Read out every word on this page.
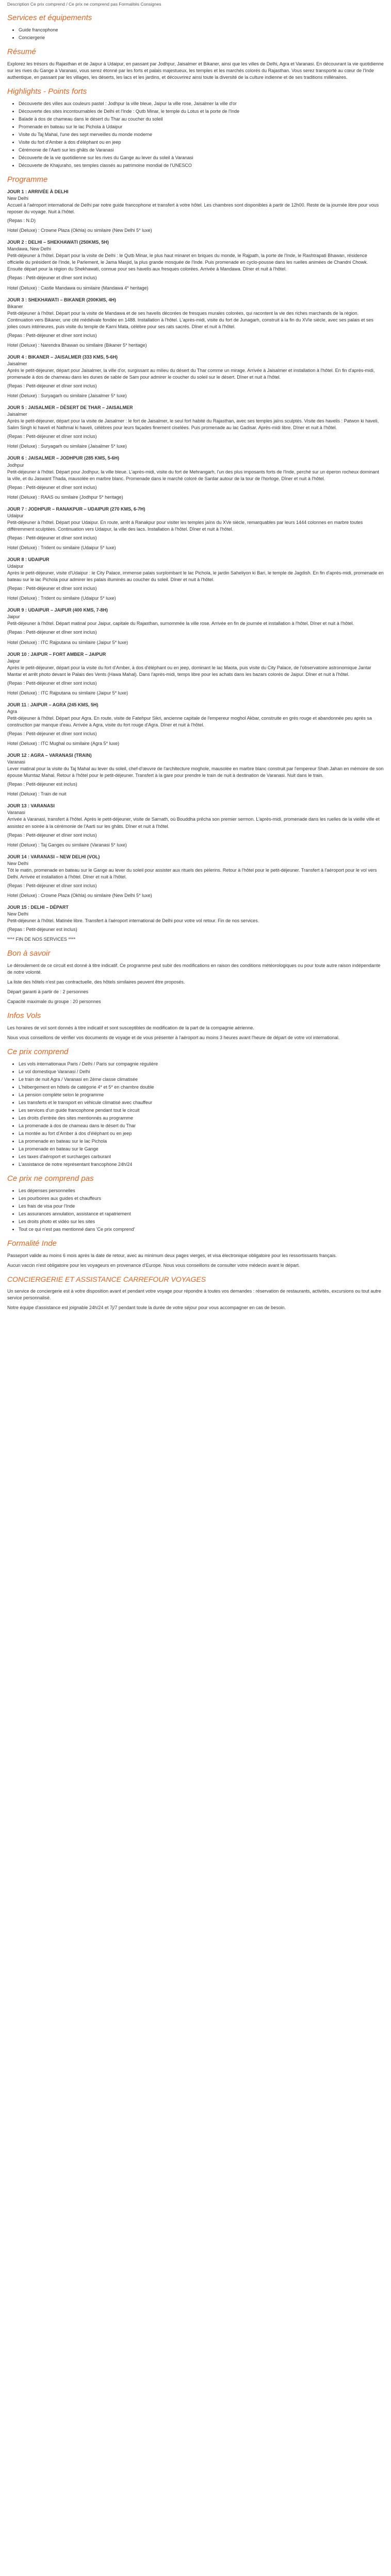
Description Ce prix comprend / Ce prix ne comprend pas Formalités Consignes

Services et équipements
• Guide francophone
• Conciergerie
Résumé

Explorez les trésors du Rajasthan et de Jaipur à Udaipur, en passant par Jodhpur, Jaisalmer et Bikaner, ainsi que les villes de Delhi, Agra et Varanasi. En découvrant la vie quotidienne sur les rives du Gange à Varanasi, vous serez étonné par les forts et palais majestueux, les temples et les marchés colorés du Rajasthan. Vous serez transporté au cœur de l'Inde authentique, en passant par les villages, les déserts, les lacs et les jardins, et découvrirez ainsi toute la diversité de la culture indienne et de ses traditions millénaires.

Highlights - Points forts
• Découverte des villes aux couleurs pastel : Jodhpur la ville bleue, Jaipur la ville rose, Jaisalmer la ville d'or
• Découverte des sites incontournables de Delhi et l'Inde : Qutb Minar, le temple du Lotus et la porte de l'Inde
• Balade à dos de chameau dans le désert du Thar au coucher du soleil
• Promenade en bateau sur le lac Pichola à Udaipur
• Visite du Taj Mahal, l'une des sept merveilles du monde moderne
• Visite du fort d'Amber à dos d'éléphant ou en jeep
• Cérémonie de l'Aarti sur les ghâts de Varanasi
• Découverte de la vie quotidienne sur les rives du Gange au lever du soleil à Varanasi
• Découverte de Khajuraho, ses temples classés au patrimoine mondial de l'UNESCO
Programme

JOUR 1 : ARRIVÉE À DELHI

New Delhi

Accueil à l'aéroport international de Delhi par notre guide francophone et transfert à votre hôtel. Les chambres sont disponibles à partir de 12h00. Reste de la journée libre pour vous reposer du voyage. Nuit à l'hôtel.

(Repas : N.D)

Hotel (Deluxe) : Crowne Plaza (Okhla) ou similaire (New Delhi 5* luxe)

JOUR 2 : DELHI – SHEKHAWATI (250KMS, 5H)

Mandawa, New Delhi

Petit-déjeuner à l'hôtel. Départ pour la visite de Delhi : le Qutb Minar, le plus haut minaret en briques du monde, le Rajpath, la porte de l'Inde, le Rashtrapati Bhawan, résidence officielle du président de l'Inde, le Parlement, le Jama Masjid, la plus grande mosquée de l'Inde. Puis promenade en cyclo-pousse dans les ruelles animées de Chandni Chowk. Ensuite départ pour la région du Shekhawati, connue pour ses havelis aux fresques colorées. Arrivée à Mandawa. Dîner et nuit à l'hôtel.

(Repas : Petit-déjeuner et dîner sont inclus)

Hotel (Deluxe) : Castle Mandawa ou similaire (Mandawa 4* heritage)

JOUR 3 : SHEKHAWATI – BIKANER (200KMS, 4H)

Bikaner

Petit-déjeuner à l'hôtel. Départ pour la visite de Mandawa et de ses havelis décorées de fresques murales colorées, qui racontent la vie des riches marchands de la région. Continuation vers Bikaner, une cité médiévale fondée en 1488. Installation à l'hôtel. L'après-midi, visite du fort de Junagarh, construit à la fin du XVIe siècle, avec ses palais et ses jolies cours intérieures, puis visite du temple de Karni Mata, célèbre pour ses rats sacrés. Dîner et nuit à l'hôtel.

(Repas : Petit-déjeuner et dîner sont inclus)

Hotel (Deluxe) : Narendra Bhawan ou similaire (Bikaner 5* heritage)

JOUR 4 : BIKANER – JAISALMER (333 KMS, 5-6H)

Jaisalmer

Après le petit-déjeuner, départ pour Jaisalmer, la ville d'or, surgissant au milieu du désert du Thar comme un mirage. Arrivée à Jaisalmer et installation à l'hôtel. En fin d'après-midi, promenade à dos de chameau dans les dunes de sable de Sam pour admirer le coucher du soleil sur le désert. Dîner et nuit à l'hôtel.

(Repas : Petit-déjeuner et dîner sont inclus)

Hotel (Deluxe) : Suryagarh ou similaire (Jaisalmer 5* luxe)

JOUR 5 : JAISALMER – DÉSERT DE THAR – JAISALMER

Jaisalmer

Après le petit-déjeuner, départ pour la visite de Jaisalmer : le fort de Jaisalmer, le seul fort habité du Rajasthan, avec ses temples jaïns sculptés. Visite des havelis : Patwon ki haveli, Salim Singh ki haveli et Nathmal ki haveli, célèbres pour leurs façades finement ciselées. Puis promenade au lac Gadisar. Après-midi libre. Dîner et nuit à l'hôtel.

(Repas : Petit-déjeuner et dîner sont inclus)

Hotel (Deluxe) : Suryagarh ou similaire (Jaisalmer 5* luxe)

JOUR 6 : JAISALMER – JODHPUR (285 KMS, 5-6H)

Jodhpur

Petit-déjeuner à l'hôtel. Départ pour Jodhpur, la ville bleue. L'après-midi, visite du fort de Mehrangarh, l'un des plus imposants forts de l'Inde, perché sur un éperon rocheux dominant la ville, et du Jaswant Thada, mausolée en marbre blanc. Promenade dans le marché coloré de Sardar autour de la tour de l'horloge. Dîner et nuit à l'hôtel.

(Repas : Petit-déjeuner et dîner sont inclus)

Hotel (Deluxe) : RAAS ou similaire (Jodhpur 5* heritage)

JOUR 7 : JODHPUR – RANAKPUR – UDAIPUR (270 KMS, 6-7H)

Udaipur

Petit-déjeuner à l'hôtel. Départ pour Udaipur. En route, arrêt à Ranakpur pour visiter les temples jaïns du XVe siècle, remarquables par leurs 1444 colonnes en marbre toutes différemment sculptées. Continuation vers Udaipur, la ville des lacs. Installation à l'hôtel. Dîner et nuit à l'hôtel.

(Repas : Petit-déjeuner et dîner sont inclus)

Hotel (Deluxe) : Trident ou similaire (Udaipur 5* luxe)

JOUR 8 : UDAIPUR

Udaipur

Après le petit-déjeuner, visite d'Udaipur : le City Palace, immense palais surplombant le lac Pichola, le jardin Saheliyon ki Bari, le temple de Jagdish. En fin d'après-midi, promenade en bateau sur le lac Pichola pour admirer les palais illuminés au coucher du soleil. Dîner et nuit à l'hôtel.

(Repas : Petit-déjeuner et dîner sont inclus)

Hotel (Deluxe) : Trident ou similaire (Udaipur 5* luxe)

JOUR 9 : UDAIPUR – JAIPUR (400 KMS, 7-8H)

Jaipur

Petit-déjeuner à l'hôtel. Départ matinal pour Jaipur, capitale du Rajasthan, surnommée la ville rose. Arrivée en fin de journée et installation à l'hôtel. Dîner et nuit à l'hôtel.

(Repas : Petit-déjeuner et dîner sont inclus)

Hotel (Deluxe) : ITC Rajputana ou similaire (Jaipur 5* luxe)

JOUR 10 : JAIPUR – FORT AMBER – JAIPUR

Jaipur

Après le petit-déjeuner, départ pour la visite du fort d'Amber, à dos d'éléphant ou en jeep, dominant le lac Maota, puis visite du City Palace, de l'observatoire astronomique Jantar Mantar et arrêt photo devant le Palais des Vents (Hawa Mahal). Dans l'après-midi, temps libre pour les achats dans les bazars colorés de Jaipur. Dîner et nuit à l'hôtel.

(Repas : Petit-déjeuner et dîner sont inclus)

Hotel (Deluxe) : ITC Rajputana ou similaire (Jaipur 5* luxe)

JOUR 11 : JAIPUR – AGRA (245 KMS, 5H)

Agra

Petit-déjeuner à l'hôtel. Départ pour Agra. En route, visite de Fatehpur Sikri, ancienne capitale de l'empereur moghol Akbar, construite en grès rouge et abandonnée peu après sa construction par manque d'eau. Arrivée à Agra, visite du fort rouge d'Agra. Dîner et nuit à l'hôtel.

(Repas : Petit-déjeuner et dîner sont inclus)

Hotel (Deluxe) : ITC Mughal ou similaire (Agra 5* luxe)

JOUR 12 : AGRA – VARANASI (TRAIN)

Varanasi

Lever matinal pour la visite du Taj Mahal au lever du soleil, chef-d'œuvre de l'architecture moghole, mausolée en marbre blanc construit par l'empereur Shah Jahan en mémoire de son épouse Mumtaz Mahal. Retour à l'hôtel pour le petit-déjeuner. Transfert à la gare pour prendre le train de nuit à destination de Varanasi. Nuit dans le train.

(Repas : Petit-déjeuner est inclus)

Hotel (Deluxe) : Train de nuit

JOUR 13 : VARANASI

Varanasi

Arrivée à Varanasi, transfert à l'hôtel. Après le petit-déjeuner, visite de Sarnath, où Bouddha prêcha son premier sermon. L'après-midi, promenade dans les ruelles de la vieille ville et assistez en soirée à la cérémonie de l'Aarti sur les ghâts. Dîner et nuit à l'hôtel.

(Repas : Petit-déjeuner et dîner sont inclus)

Hotel (Deluxe) : Taj Ganges ou similaire (Varanasi 5* luxe)

JOUR 14 : VARANASI – NEW DELHI (VOL)

New Delhi

Tôt le matin, promenade en bateau sur le Gange au lever du soleil pour assister aux rituels des pèlerins. Retour à l'hôtel pour le petit-déjeuner. Transfert à l'aéroport pour le vol vers Delhi. Arrivée et installation à l'hôtel. Dîner et nuit à l'hôtel.

(Repas : Petit-déjeuner et dîner sont inclus)

Hotel (Deluxe) : Crowne Plaza (Okhla) ou similaire (New Delhi 5* luxe)

JOUR 15 : DELHI – DÉPART

New Delhi

Petit-déjeuner à l'hôtel. Matinée libre. Transfert à l'aéroport international de Delhi pour votre vol retour. Fin de nos services.

(Repas : Petit-déjeuner est inclus)

**** FIN DE NOS SERVICES ****

Bon à savoir

Le déroulement de ce circuit est donné à titre indicatif. Ce programme peut subir des modifications en raison des conditions météorologiques ou pour toute autre raison indépendante de notre volonté.

La liste des hôtels n'est pas contractuelle, des hôtels similaires peuvent être proposés.

Départ garanti à partir de : 2 personnes

Capacité maximale du groupe : 20 personnes

Infos Vols

Les horaires de vol sont donnés à titre indicatif et sont susceptibles de modification de la part de la compagnie aérienne.

Nous vous conseillons de vérifier vos documents de voyage et de vous présenter à l'aéroport au moins 3 heures avant l'heure de départ de votre vol international.

Ce prix comprend
• Les vols internationaux Paris / Delhi / Paris sur compagnie régulière
• Le vol domestique Varanasi / Delhi
• Le train de nuit Agra / Varanasi en 2ème classe climatisée
• L'hébergement en hôtels de catégorie 4* et 5* en chambre double
• La pension complète selon le programme
• Les transferts et le transport en véhicule climatisé avec chauffeur
• Les services d'un guide francophone pendant tout le circuit
• Les droits d'entrée des sites mentionnés au programme
• La promenade à dos de chameau dans le désert du Thar
• La montée au fort d'Amber à dos d'éléphant ou en jeep
• La promenade en bateau sur le lac Pichola
• La promenade en bateau sur le Gange
• Les taxes d'aéroport et surcharges carburant
• L'assistance de notre représentant francophone 24h/24
Ce prix ne comprend pas
• Les dépenses personnelles
• Les pourboires aux guides et chauffeurs
• Les frais de visa pour l'Inde
• Les assurances annulation, assistance et rapatriement
• Les droits photo et vidéo sur les sites
• Tout ce qui n'est pas mentionné dans 'Ce prix comprend'
Formalité Inde

Passeport valide au moins 6 mois après la date de retour, avec au minimum deux pages vierges, et visa électronique obligatoire pour les ressortissants français.

Aucun vaccin n'est obligatoire pour les voyageurs en provenance d'Europe. Nous vous conseillons de consulter votre médecin avant le départ.

CONCIERGERIE ET ASSISTANCE CARREFOUR VOYAGES

Un service de conciergerie est à votre disposition avant et pendant votre voyage pour répondre à toutes vos demandes : réservation de restaurants, activités, excursions ou tout autre service personnalisé.

Notre équipe d'assistance est joignable 24h/24 et 7j/7 pendant toute la durée de votre séjour pour vous accompagner en cas de besoin.
